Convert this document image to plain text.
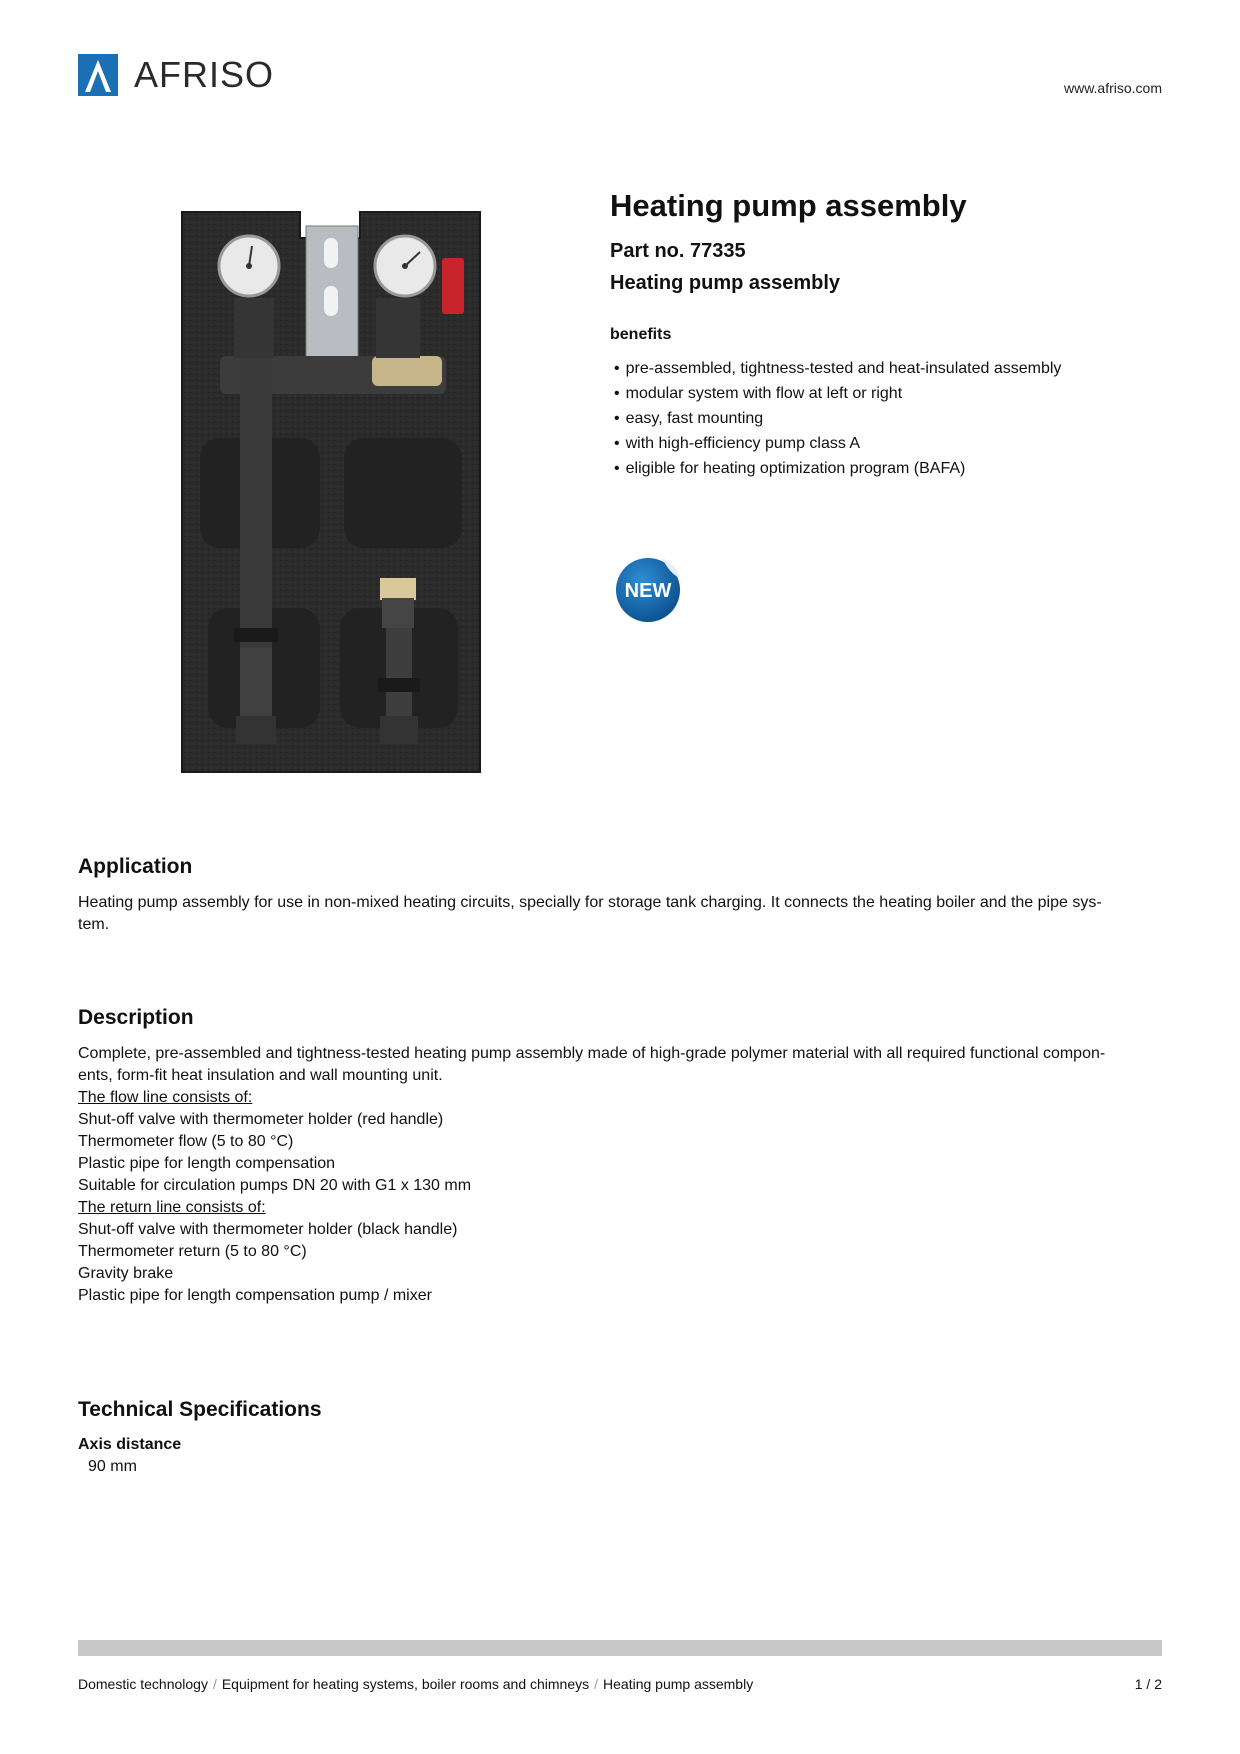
AFRISO	www.afriso.com
Heating pump assembly
Part no. 77335
Heating pump assembly
benefits
• pre-assembled, tightness-tested and heat-insulated assembly
• modular system with flow at left or right
• easy, fast mounting
• with high-efficiency pump class A
• eligible for heating optimization program (BAFA)
NEW
Application
Heating pump assembly for use in non-mixed heating circuits, specially for storage tank charging. It connects the heating boiler and the pipe sys-
tem.
Description
Complete, pre-assembled and tightness-tested heating pump assembly made of high-grade polymer material with all required functional compon-
ents, form-fit heat insulation and wall mounting unit.
The flow line consists of:
Shut-off valve with thermometer holder (red handle)
Thermometer flow (5 to 80 °C)
Plastic pipe for length compensation
Suitable for circulation pumps DN 20 with G1 x 130 mm
The return line consists of:
Shut-off valve with thermometer holder (black handle)
Thermometer return (5 to 80 °C)
Gravity brake
Plastic pipe for length compensation pump / mixer
Technical Specifications
Axis distance
90 mm
Domestic technology / Equipment for heating systems, boiler rooms and chimneys / Heating pump assembly	1 / 2
